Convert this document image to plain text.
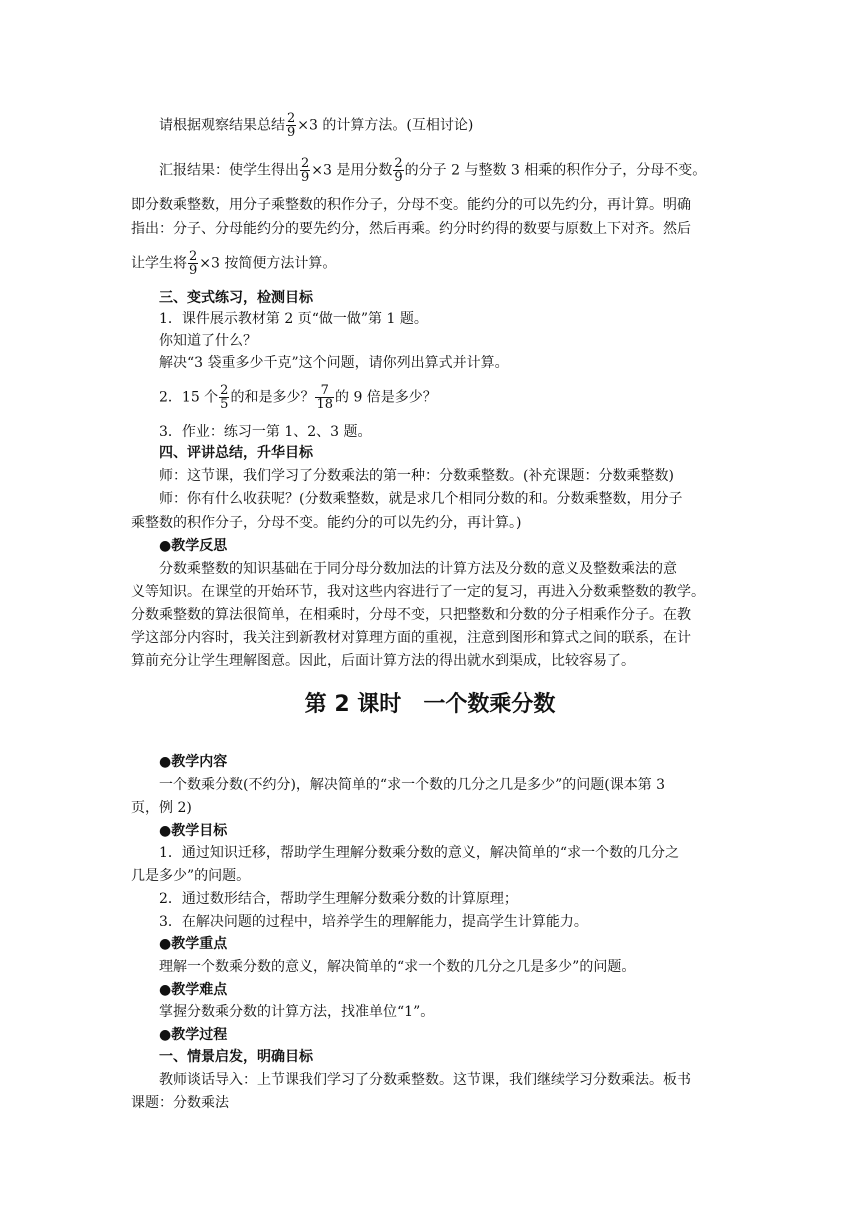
请根据观察结果总结 $\frac{2}{9} \times 3$ 的计算方法。(互相讨论)
汇报结果：使学生得出 $\frac{2}{9} \times 3$ 是用分数 $\frac{2}{9}$ 的分子 2 与整数 3 相乘的积作分子，分母不变。
即分数乘整数，用分子乘整数的积作分子，分母不变。能约分的可以先约分，再计算。明确
指出：分子、分母能约分的要先约分，然后再乘。约分时约得的数要与原数上下对齐。然后
让学生将 $\frac{2}{9} \times 3$ 按简便方法计算。
三、变式练习，检测目标
1．课件展示教材第 2 页“做一做”第 1 题。
你知道了什么？
解决“3 袋重多少千克”这个问题，请你列出算式并计算。
2．15 个 $\frac{2}{5}$ 的和是多少？ $\frac{7}{18}$ 的 9 倍是多少？
3．作业：练习一第 1、2、3 题。
四、评讲总结，升华目标
师：这节课，我们学习了分数乘法的第一种：分数乘整数。(补充课题：分数乘整数)
师：你有什么收获呢？(分数乘整数，就是求几个相同分数的和。分数乘整数，用分子
乘整数的积作分子，分母不变。能约分的可以先约分，再计算。)
●教学反思
分数乘整数的知识基础在于同分母分数加法的计算方法及分数的意义及整数乘法的意
义等知识。在课堂的开始环节，我对这些内容进行了一定的复习，再进入分数乘整数的教学。
分数乘整数的算法很简单，在相乘时，分母不变，只把整数和分数的分子相乘作分子。在教
学这部分内容时，我关注到新教材对算理方面的重视，注意到图形和算式之间的联系，在计
算前充分让学生理解图意。因此，后面计算方法的得出就水到渠成，比较容易了。
第 2 课时 一个数乘分数
●教学内容
一个数乘分数(不约分)，解决简单的“求一个数的几分之几是多少”的问题(课本第 3
页，例 2)
●教学目标
1．通过知识迁移，帮助学生理解分数乘分数的意义，解决简单的“求一个数的几分之
几是多少”的问题。
2．通过数形结合，帮助学生理解分数乘分数的计算原理；
3．在解决问题的过程中，培养学生的理解能力，提高学生计算能力。
●教学重点
理解一个数乘分数的意义，解决简单的“求一个数的几分之几是多少”的问题。
●教学难点
掌握分数乘分数的计算方法，找准单位“1”。
●教学过程
一、情景启发，明确目标
教师谈话导入：上节课我们学习了分数乘整数。这节课，我们继续学习分数乘法。板书
课题：分数乘法
